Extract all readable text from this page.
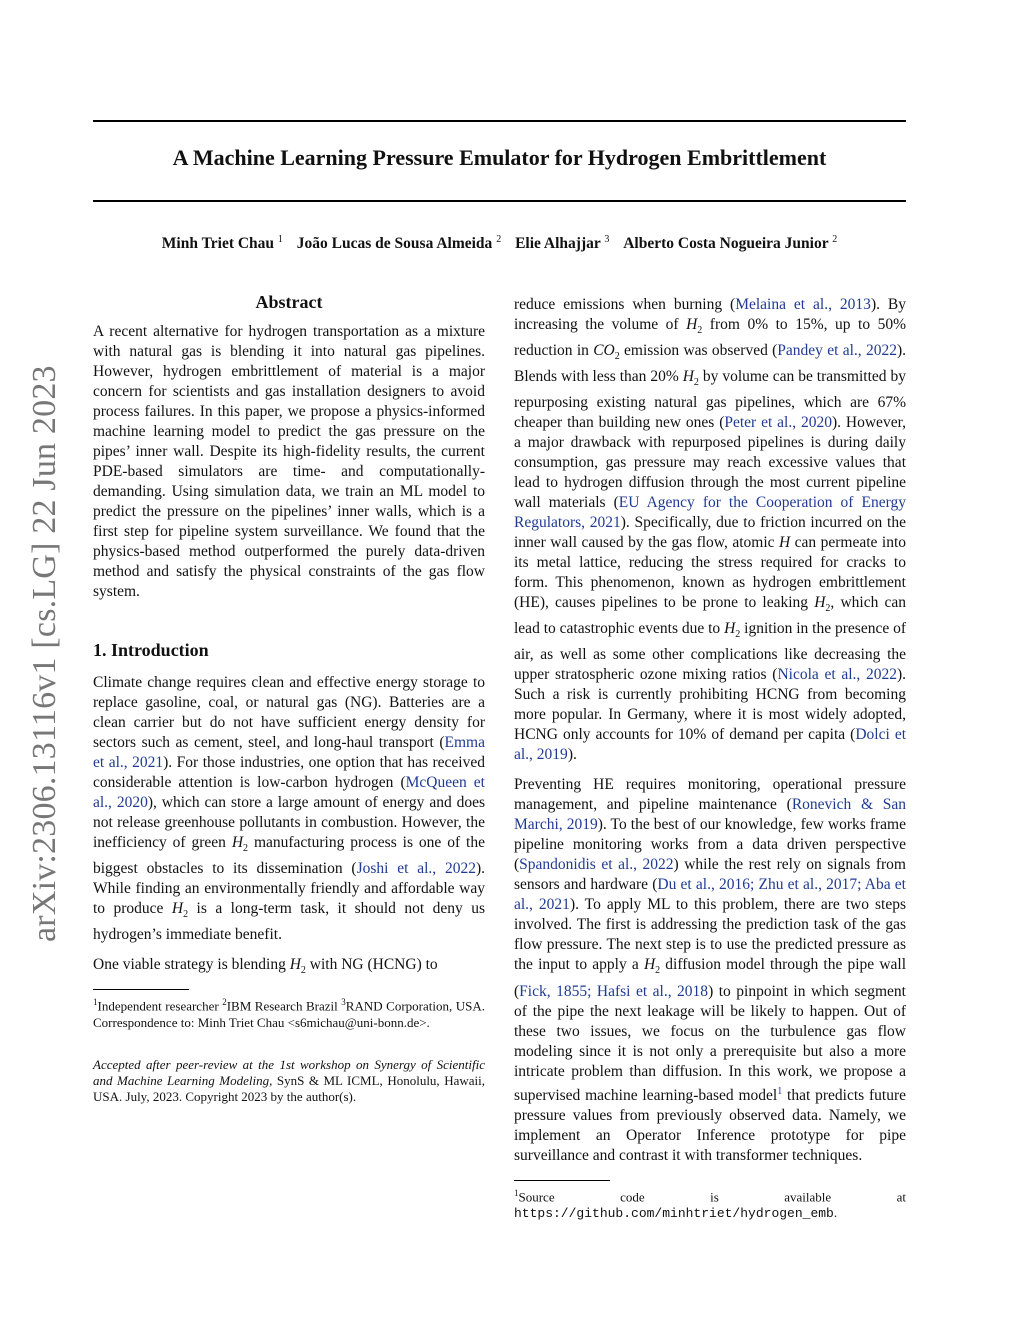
arXiv:2306.13116v1 [cs.LG] 22 Jun 2023
A Machine Learning Pressure Emulator for Hydrogen Embrittlement
Minh Triet Chau $^1$ João Lucas de Sousa Almeida $^2$ Elie Alhajjar $^3$ Alberto Costa Nogueira Junior $^2$
Abstract

A recent alternative for hydrogen transportation as a mixture with natural gas is blending it into natural gas pipelines. However, hydrogen embrittlement of material is a major concern for scientists and gas installation designers to avoid process failures. In this paper, we propose a physics-informed machine learning model to predict the gas pressure on the pipes’ inner wall. Despite its high-fidelity results, the current PDE-based simulators are time- and computationally-demanding. Using simulation data, we train an ML model to predict the pressure on the pipelines’ inner walls, which is a first step for pipeline system surveillance. We found that the physics-based method outperformed the purely data-driven method and satisfy the physical constraints of the gas flow system.

1. Introduction

Climate change requires clean and effective energy storage to replace gasoline, coal, or natural gas (NG). Batteries are a clean carrier but do not have sufficient energy density for sectors such as cement, steel, and long-haul transport (Emma et al., 2021). For those industries, one option that has received considerable attention is low-carbon hydrogen (McQueen et al., 2020), which can store a large amount of energy and does not release greenhouse pollutants in combustion. However, the inefficiency of green $H_2$ manufacturing process is one of the biggest obstacles to its dissemination (Joshi et al., 2022). While finding an environmentally friendly and affordable way to produce $H_2$ is a long-term task, it should not deny us hydrogen’s immediate benefit.

One viable strategy is blending $H_2$ with NG (HCNG) to

$^1$Independent researcher $^2$IBM Research Brazil $^3$RAND Corporation, USA. Correspondence to: Minh Triet Chau <s6michau@uni-bonn.de>.

Accepted after peer-review at the 1st workshop on Synergy of Scientific and Machine Learning Modeling, SynS & ML ICML, Honolulu, Hawaii, USA. July, 2023. Copyright 2023 by the author(s).

reduce emissions when burning (Melaina et al., 2013). By increasing the volume of $H_2$ from 0% to 15%, up to 50% reduction in $CO_2$ emission was observed (Pandey et al., 2022). Blends with less than 20% $H_2$ by volume can be transmitted by repurposing existing natural gas pipelines, which are 67% cheaper than building new ones (Peter et al., 2020). However, a major drawback with repurposed pipelines is during daily consumption, gas pressure may reach excessive values that lead to hydrogen diffusion through the most current pipeline wall materials (EU Agency for the Cooperation of Energy Regulators, 2021). Specifically, due to friction incurred on the inner wall caused by the gas flow, atomic H can permeate into its metal lattice, reducing the stress required for cracks to form. This phenomenon, known as hydrogen embrittlement (HE), causes pipelines to be prone to leaking $H_2$, which can lead to catastrophic events due to $H_2$ ignition in the presence of air, as well as some other complications like decreasing the upper stratospheric ozone mixing ratios (Nicola et al., 2022). Such a risk is currently prohibiting HCNG from becoming more popular. In Germany, where it is most widely adopted, HCNG only accounts for 10% of demand per capita (Dolci et al., 2019).

Preventing HE requires monitoring, operational pressure management, and pipeline maintenance (Ronevich & San Marchi, 2019). To the best of our knowledge, few works frame pipeline monitoring works from a data driven perspective (Spandonidis et al., 2022) while the rest rely on signals from sensors and hardware (Du et al., 2016; Zhu et al., 2017; Aba et al., 2021). To apply ML to this problem, there are two steps involved. The first is addressing the prediction task of the gas flow pressure. The next step is to use the predicted pressure as the input to apply a $H_2$ diffusion model through the pipe wall (Fick, 1855; Hafsi et al., 2018) to pinpoint in which segment of the pipe the next leakage will be likely to happen. Out of these two issues, we focus on the turbulence gas flow modeling since it is not only a prerequisite but also a more intricate problem than diffusion. In this work, we propose a supervised machine learning-based model$^1$ that predicts future pressure values from previously observed data. Namely, we implement an Operator Inference prototype for pipe surveillance and contrast it with transformer techniques.

$^1$Source code is available at

https://github.com/minhtriet/hydrogen_emb.
